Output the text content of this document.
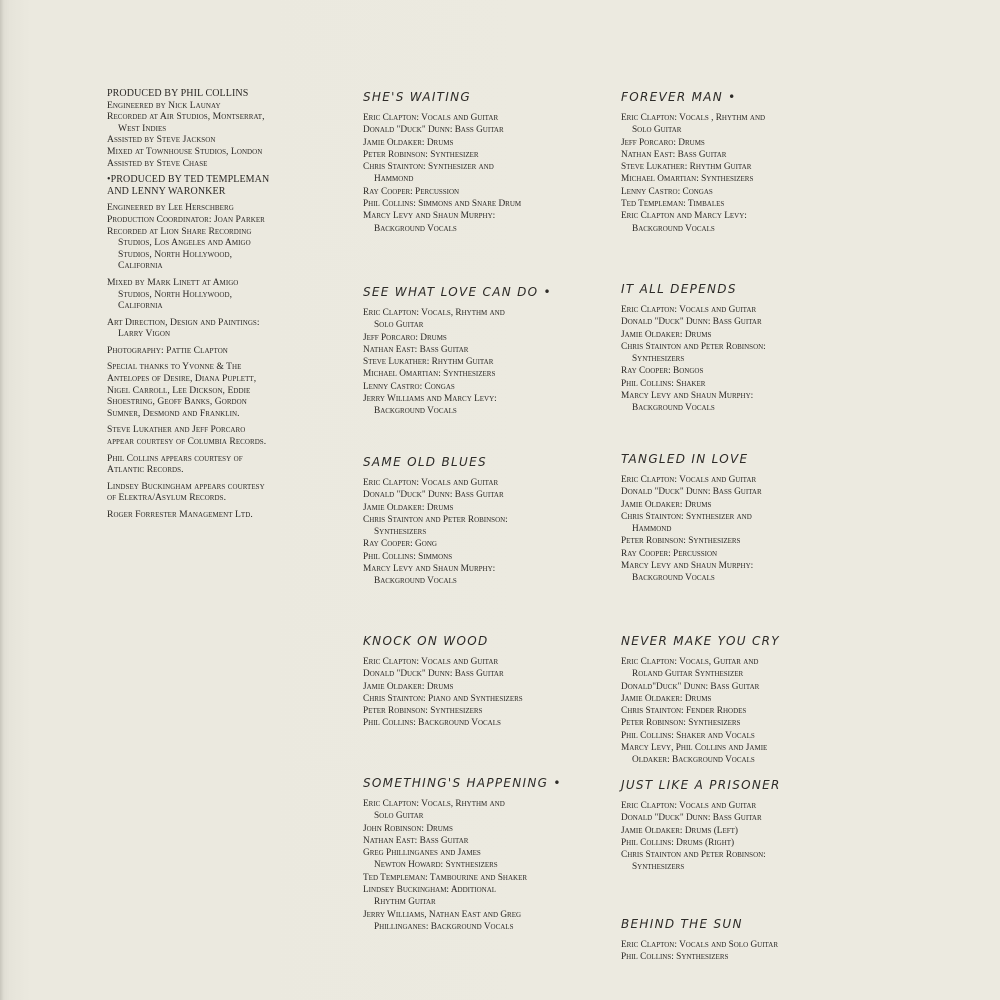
PRODUCED BY PHIL COLLINS
Engineered by Nick Launay
Recorded at Air Studios, Montserrat,
West Indies
Assisted by Steve Jackson
Mixed at Townhouse Studios, London
Assisted by Steve Chase
•PRODUCED BY TED TEMPLEMAN
AND LENNY WARONKER
Engineered by Lee Herschberg
Production Coordinator: Joan Parker
Recorded at Lion Share Recording
Studios, Los Angeles and Amigo
Studios, North Hollywood,
California
Mixed by Mark Linett at Amigo
Studios, North Hollywood,
California
Art Direction, Design and Paintings:
Larry Vigon
Photography: Pattie Clapton
Special thanks to Yvonne & The
Antelopes of Desire, Diana Puplett,
Nigel Carroll, Lee Dickson, Eddie
Shoestring, Geoff Banks, Gordon
Sumner, Desmond and Franklin.
Steve Lukather and Jeff Porcaro
appear courtesy of Columbia Records.
Phil Collins appears courtesy of
Atlantic Records.
Lindsey Buckingham appears courtesy
of Elektra/Asylum Records.
Roger Forrester Management Ltd.
SHE'S WAITING
Eric Clapton: Vocals and Guitar
Donald "Duck" Dunn: Bass Guitar
Jamie Oldaker: Drums
Peter Robinson: Synthesizer
Chris Stainton: Synthesizer and
Hammond
Ray Cooper: Percussion
Phil Collins: Simmons and Snare Drum
Marcy Levy and Shaun Murphy:
Background Vocals
SEE WHAT LOVE CAN DO •
Eric Clapton: Vocals, Rhythm and
Solo Guitar
Jeff Porcaro: Drums
Nathan East: Bass Guitar
Steve Lukather: Rhythm Guitar
Michael Omartian: Synthesizers
Lenny Castro: Congas
Jerry Williams and Marcy Levy:
Background Vocals
SAME OLD BLUES
Eric Clapton: Vocals and Guitar
Donald "Duck" Dunn: Bass Guitar
Jamie Oldaker: Drums
Chris Stainton and Peter Robinson:
Synthesizers
Ray Cooper: Gong
Phil Collins: Simmons
Marcy Levy and Shaun Murphy:
Background Vocals
KNOCK ON WOOD
Eric Clapton: Vocals and Guitar
Donald "Duck" Dunn: Bass Guitar
Jamie Oldaker: Drums
Chris Stainton: Piano and Synthesizers
Peter Robinson: Synthesizers
Phil Collins: Background Vocals
SOMETHING'S HAPPENING •
Eric Clapton: Vocals, Rhythm and
Solo Guitar
John Robinson: Drums
Nathan East: Bass Guitar
Greg Phillinganes and James
Newton Howard: Synthesizers
Ted Templeman: Tambourine and Shaker
Lindsey Buckingham: Additional
Rhythm Guitar
Jerry Williams, Nathan East and Greg
Phillinganes: Background Vocals
FOREVER MAN •
Eric Clapton: Vocals , Rhythm and
Solo Guitar
Jeff Porcaro: Drums
Nathan East: Bass Guitar
Steve Lukather: Rhythm Guitar
Michael Omartian: Synthesizers
Lenny Castro: Congas
Ted Templeman: Timbales
Eric Clapton and Marcy Levy:
Background Vocals
IT ALL DEPENDS
Eric Clapton: Vocals and Guitar
Donald "Duck" Dunn: Bass Guitar
Jamie Oldaker: Drums
Chris Stainton and Peter Robinson:
Synthesizers
Ray Cooper: Bongos
Phil Collins: Shaker
Marcy Levy and Shaun Murphy:
Background Vocals
TANGLED IN LOVE
Eric Clapton: Vocals and Guitar
Donald "Duck" Dunn: Bass Guitar
Jamie Oldaker: Drums
Chris Stainton: Synthesizer and
Hammond
Peter Robinson: Synthesizers
Ray Cooper: Percussion
Marcy Levy and Shaun Murphy:
Background Vocals
NEVER MAKE YOU CRY
Eric Clapton: Vocals, Guitar and
Roland Guitar Synthesizer
Donald"Duck" Dunn: Bass Guitar
Jamie Oldaker: Drums
Chris Stainton: Fender Rhodes
Peter Robinson: Synthesizers
Phil Collins: Shaker and Vocals
Marcy Levy, Phil Collins and Jamie
Oldaker: Background Vocals
JUST LIKE A PRISONER
Eric Clapton: Vocals and Guitar
Donald "Duck" Dunn: Bass Guitar
Jamie Oldaker: Drums (Left)
Phil Collins: Drums (Right)
Chris Stainton and Peter Robinson:
Synthesizers
BEHIND THE SUN
Eric Clapton: Vocals and Solo Guitar
Phil Collins: Synthesizers
